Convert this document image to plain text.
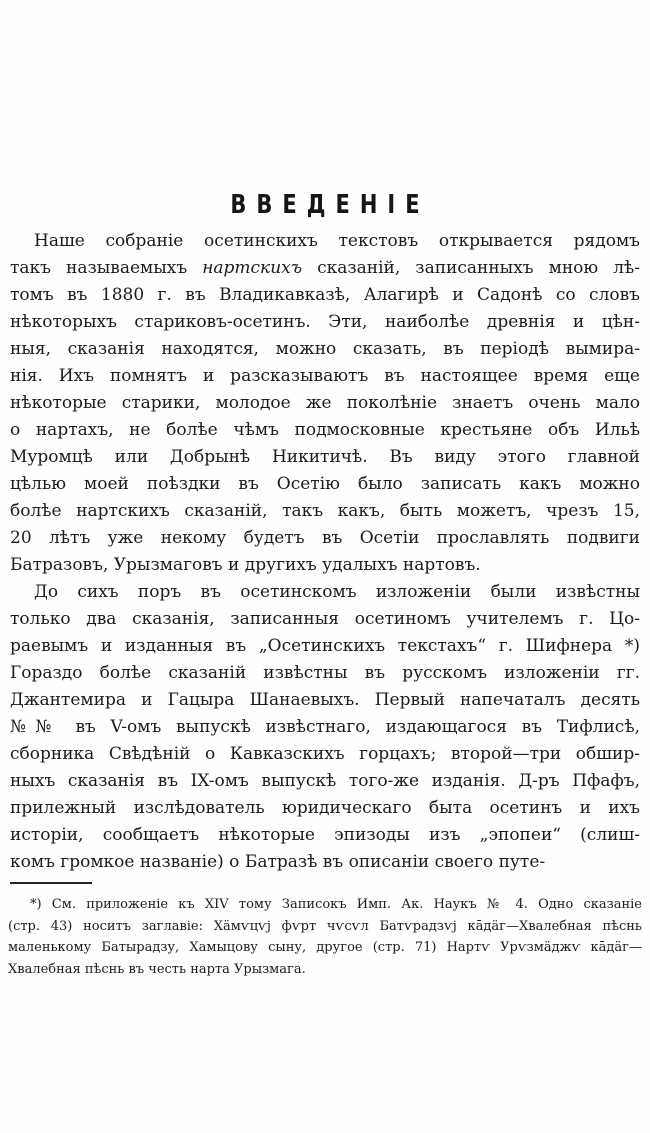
ВВЕДЕНІЕ
Наше собраніе осетинскихъ текстовъ открывается рядомъ
такъ называемыхъ нартскихъ сказаній, записанныхъ мною лѣ-
томъ въ 1880 г. въ Владикавказѣ, Алагирѣ и Садонѣ со словъ
нѣкоторыхъ стариковъ-осетинъ. Эти, наиболѣе древнія и цѣн-
ныя, сказанія находятся, можно сказать, въ періодѣ вымира-
нія. Ихъ помнятъ и разсказываютъ въ настоящее время еще
нѣкоторые старики, молодое же поколѣніе знаетъ очень мало
о нартахъ, не болѣе чѣмъ подмосковные крестьяне объ Ильѣ
Муромцѣ или Добрынѣ Никитичѣ. Въ виду этого главной
цѣлью моей поѣздки въ Осетію было записать какъ можно
болѣе нартскихъ сказаній, такъ какъ, быть можетъ, чрезъ 15,
20 лѣтъ уже некому будетъ въ Осетіи прославлять подвиги
Батразовъ, Урызмаговъ и другихъ удалыхъ нартовъ.
До сихъ поръ въ осетинскомъ изложеніи были извѣстны
только два сказанія, записанныя осетиномъ учителемъ г. Цо-
раевымъ и изданныя въ „Осетинскихъ текстахъ“ г. Шифнера *)
Гораздо болѣе сказаній извѣстны въ русскомъ изложеніи гг.
Джантемира и Гацыра Шанаевыхъ. Первый напечаталъ десять
№№ въ V-омъ выпускѣ извѣстнаго, издающагося въ Тифлисѣ,
сборника Свѣдѣній о Кавказскихъ горцахъ; второй—три обшир-
ныхъ сказанія въ IX-омъ выпускѣ того-же изданія. Д-ръ Пфафъ,
прилежный изслѣдователь юридическаго быта осетинъ и ихъ
исторіи, сообщаетъ нѣкоторые эпизоды изъ „эпопеи“ (слиш-
комъ громкое названіе) о Батразѣ въ описаніи своего путе-
*) См. приложеніе къ XIV тому Записокъ Имп. Ак. Наукъ № 4. Одно сказаніе
(стр. 43) носитъ заглавіе: Хäмѵцѵj фѵрт чѵсѵл Батѵрадзѵj кāдäг—Хвалебная пѣснь
маленькому Батырадзу, Хамыцову сыну, другое (стр. 71) Нартѵ Урѵзмäджѵ кāдäг—
Хвалебная пѣснь въ честь нарта Урызмага.
